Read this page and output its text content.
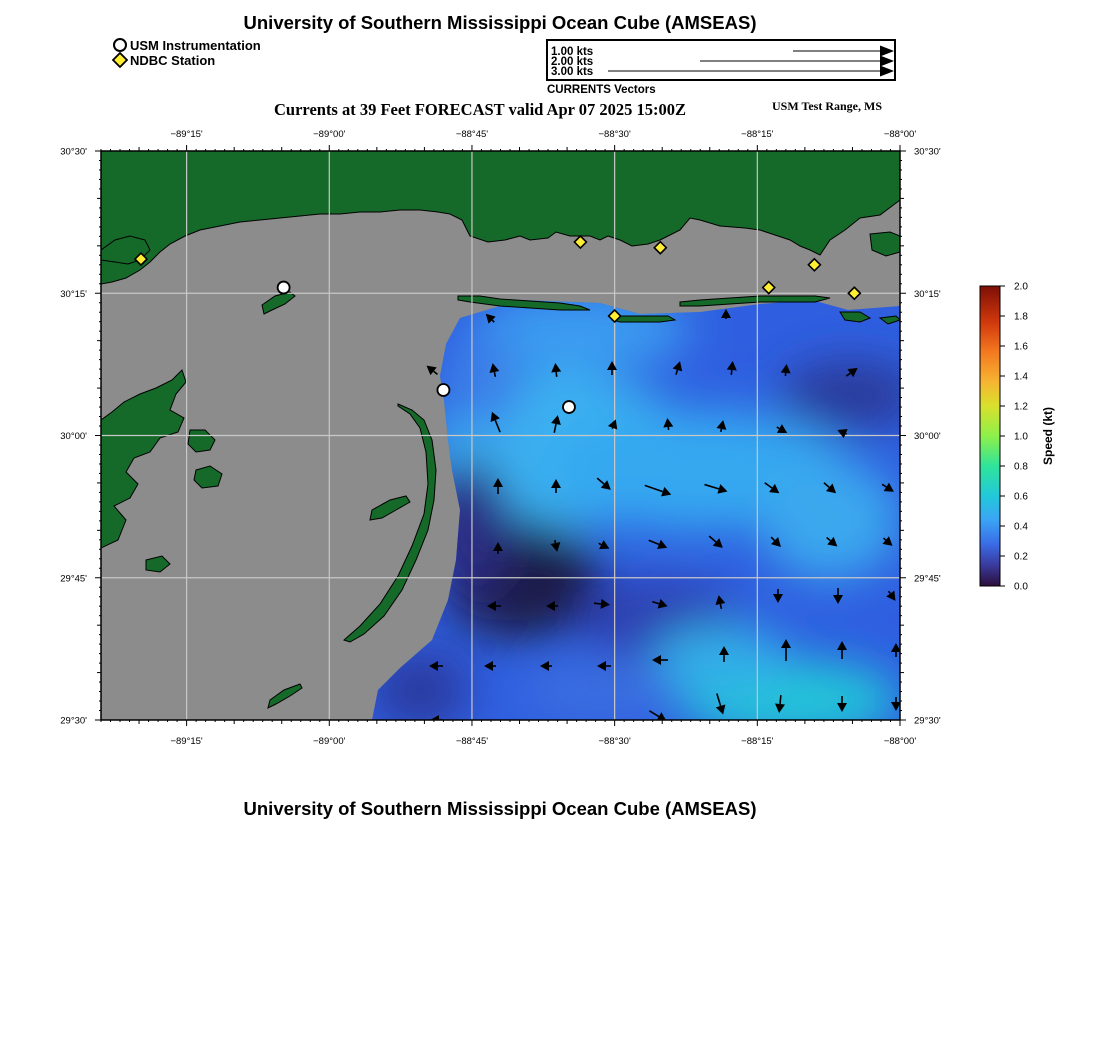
University of Southern Mississippi Ocean Cube (AMSEAS)
USM Instrumentation
NDBC Station
1.00 kts
2.00 kts
3.00 kts
CURRENTS Vectors
Currents at 39 Feet FORECAST valid Apr 07 2025 15:00Z	USM Test Range, MS
−89°15'
−89°15'
−89°00'
−89°00'
−88°45'
−88°45'
−88°30'
−88°30'
−88°15'
−88°15'
−88°00'
−88°00'
30°30'	30°30'
30°15'	30°15'
30°00'	30°00'
29°45'	29°45'
29°30'	29°30'
2.0
1.8
1.6
1.4
1.2
1.0
0.8
0.6
0.4
0.2
0.0
Speed (kt)
University of Southern Mississippi Ocean Cube (AMSEAS)
